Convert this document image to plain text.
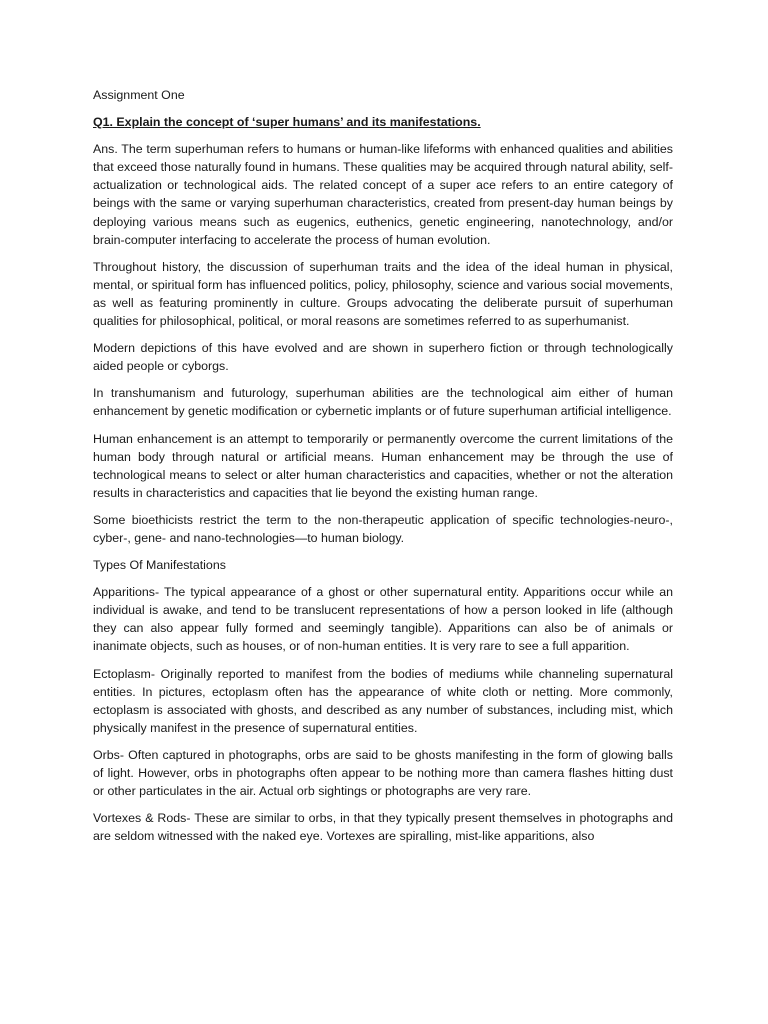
Assignment One

Q1. Explain the concept of ‘super humans’ and its manifestations.

Ans. The term superhuman refers to humans or human-like lifeforms with enhanced qualities and abilities that exceed those naturally found in humans. These qualities may be acquired through natural ability, self-actualization or technological aids. The related concept of a super ace refers to an entire category of beings with the same or varying superhuman characteristics, created from present-day human beings by deploying various means such as eugenics, euthenics, genetic engineering, nanotechnology, and/or brain-computer interfacing to accelerate the process of human evolution.

Throughout history, the discussion of superhuman traits and the idea of the ideal human in physical, mental, or spiritual form has influenced politics, policy, philosophy, science and various social movements, as well as featuring prominently in culture. Groups advocating the deliberate pursuit of superhuman qualities for philosophical, political, or moral reasons are sometimes referred to as superhumanist.

Modern depictions of this have evolved and are shown in superhero fiction or through technologically aided people or cyborgs.

In transhumanism and futurology, superhuman abilities are the technological aim either of human enhancement by genetic modification or cybernetic implants or of future superhuman artificial intelligence.

Human enhancement is an attempt to temporarily or permanently overcome the current limitations of the human body through natural or artificial means. Human enhancement may be through the use of technological means to select or alter human characteristics and capacities, whether or not the alteration results in characteristics and capacities that lie beyond the existing human range.

Some bioethicists restrict the term to the non-therapeutic application of specific technologies-neuro-, cyber-, gene- and nano-technologies—to human biology.

Types Of Manifestations

Apparitions- The typical appearance of a ghost or other supernatural entity. Apparitions occur while an individual is awake, and tend to be translucent representations of how a person looked in life (although they can also appear fully formed and seemingly tangible). Apparitions can also be of animals or inanimate objects, such as houses, or of non-human entities. It is very rare to see a full apparition.

Ectoplasm- Originally reported to manifest from the bodies of mediums while channeling supernatural entities. In pictures, ectoplasm often has the appearance of white cloth or netting. More commonly, ectoplasm is associated with ghosts, and described as any number of substances, including mist, which physically manifest in the presence of supernatural entities.

Orbs- Often captured in photographs, orbs are said to be ghosts manifesting in the form of glowing balls of light. However, orbs in photographs often appear to be nothing more than camera flashes hitting dust or other particulates in the air. Actual orb sightings or photographs are very rare.

Vortexes & Rods- These are similar to orbs, in that they typically present themselves in photographs and are seldom witnessed with the naked eye. Vortexes are spiralling, mist-like apparitions, also
